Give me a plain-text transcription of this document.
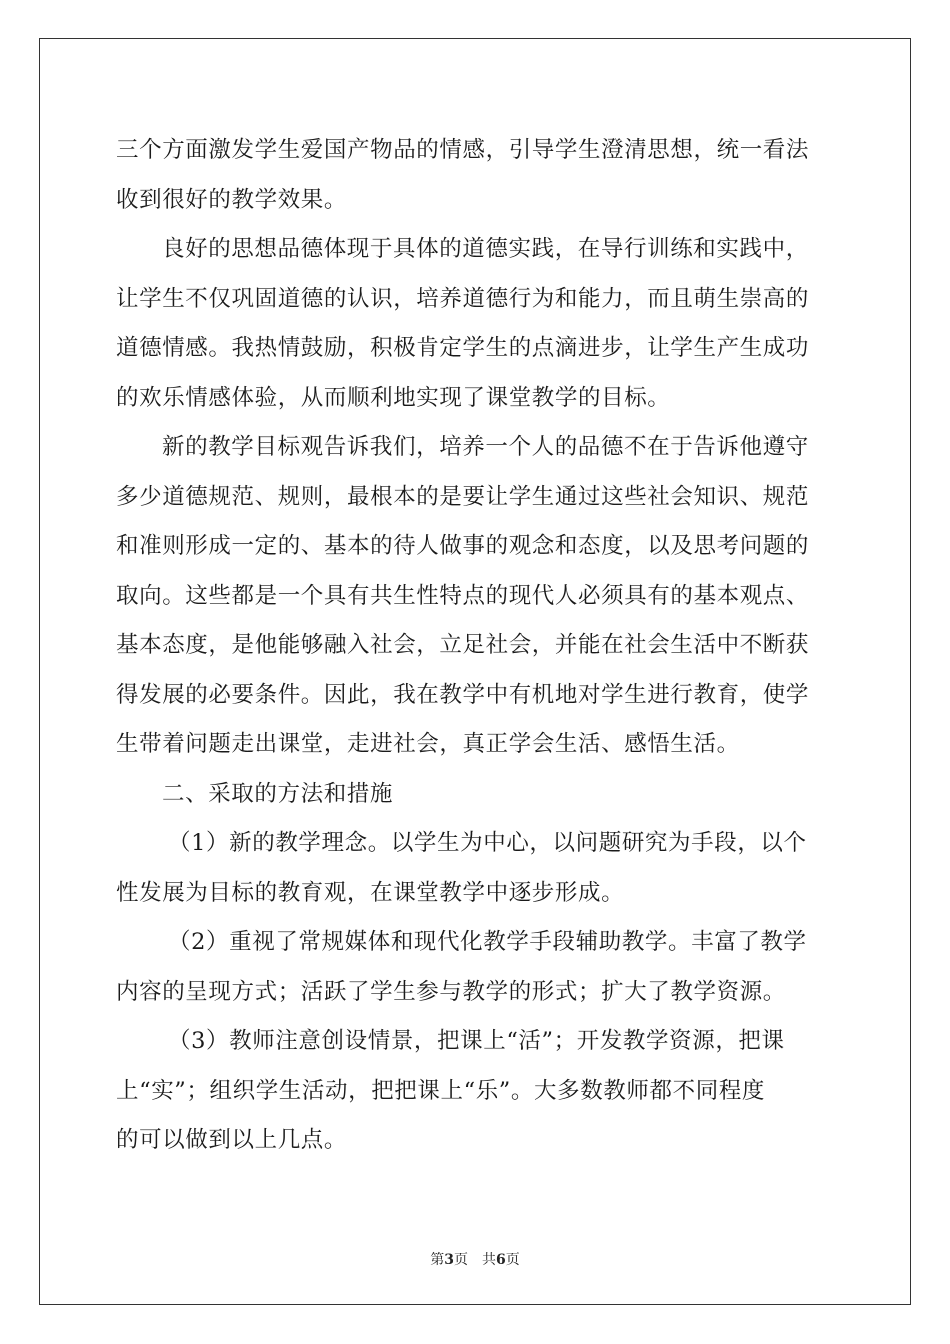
三个方面激发学生爱国产物品的情感，引导学生澄清思想，统一看法
收到很好的教学效果。
良好的思想品德体现于具体的道德实践，在导行训练和实践中，
让学生不仅巩固道德的认识，培养道德行为和能力，而且萌生崇高的
道德情感。我热情鼓励，积极肯定学生的点滴进步，让学生产生成功
的欢乐情感体验，从而顺利地实现了课堂教学的目标。
新的教学目标观告诉我们，培养一个人的品德不在于告诉他遵守
多少道德规范、规则，最根本的是要让学生通过这些社会知识、规范
和准则形成一定的、基本的待人做事的观念和态度，以及思考问题的
取向。这些都是一个具有共生性特点的现代人必须具有的基本观点、
基本态度，是他能够融入社会，立足社会，并能在社会生活中不断获
得发展的必要条件。因此，我在教学中有机地对学生进行教育，使学
生带着问题走出课堂，走进社会，真正学会生活、感悟生活。
二、采取的方法和措施
（1）新的教学理念。以学生为中心，以问题研究为手段，以个
性发展为目标的教育观，在课堂教学中逐步形成。
（2）重视了常规媒体和现代化教学手段辅助教学。丰富了教学
内容的呈现方式；活跃了学生参与教学的形式；扩大了教学资源。
（3）教师注意创设情景，把课上“活”；开发教学资源，把课
上“实”；组织学生活动，把把课上“乐”。大多数教师都不同程度
的可以做到以上几点。
第3页　共6页
